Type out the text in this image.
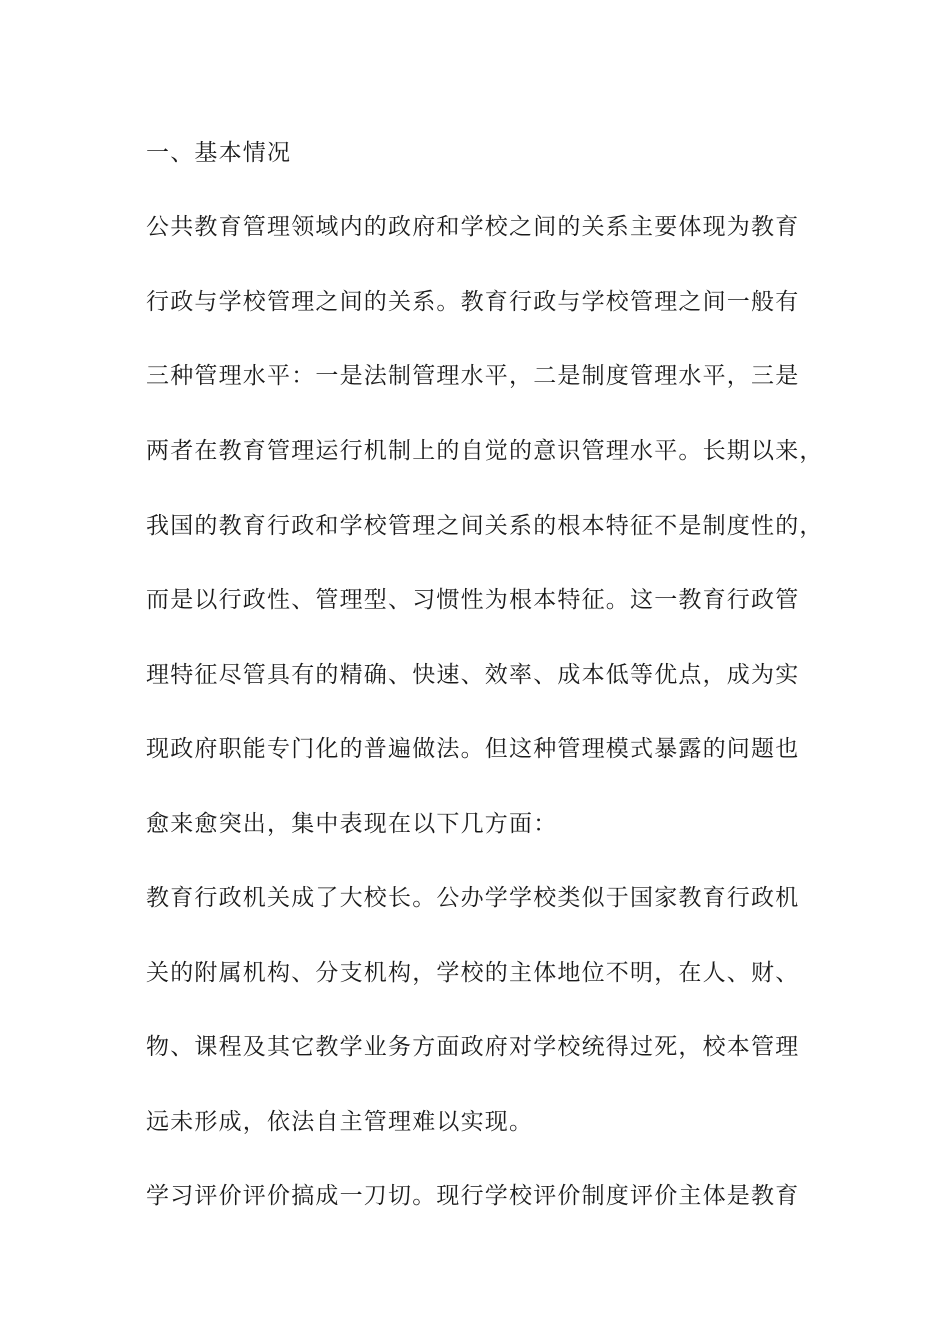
一、基本情况
公共教育管理领域内的政府和学校之间的关系主要体现为教育
行政与学校管理之间的关系。教育行政与学校管理之间一般有
三种管理水平：一是法制管理水平，二是制度管理水平，三是
两者在教育管理运行机制上的自觉的意识管理水平。长期以来，
我国的教育行政和学校管理之间关系的根本特征不是制度性的，
而是以行政性、管理型、习惯性为根本特征。这一教育行政管
理特征尽管具有的精确、快速、效率、成本低等优点，成为实
现政府职能专门化的普遍做法。但这种管理模式暴露的问题也
愈来愈突出，集中表现在以下几方面：
教育行政机关成了大校长。公办学学校类似于国家教育行政机
关的附属机构、分支机构，学校的主体地位不明，在人、财、
物、课程及其它教学业务方面政府对学校统得过死，校本管理
远未形成，依法自主管理难以实现。
学习评价评价搞成一刀切。现行学校评价制度评价主体是教育
